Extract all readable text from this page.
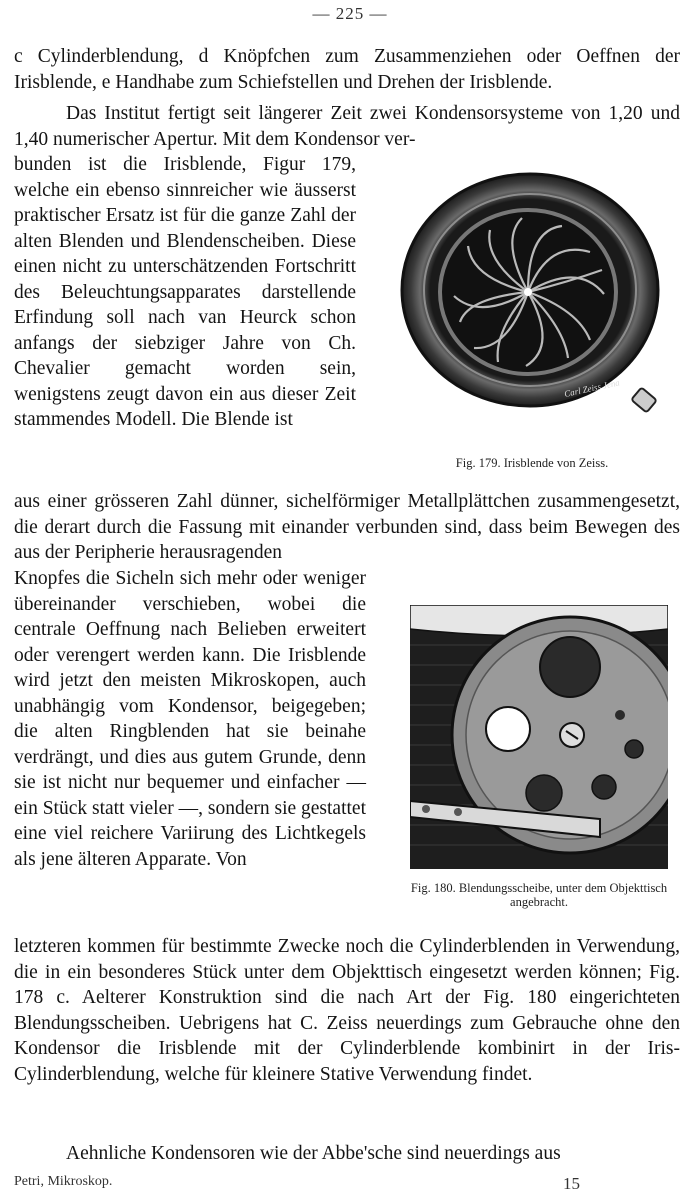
— 225 —

c Cylinderblendung, d Knöpfchen zum Zusammenziehen oder Oeffnen der Irisblende, e Handhabe zum Schiefstellen und Drehen der Irisblende.

Das Institut fertigt seit längerer Zeit zwei Kondensorsysteme von 1,20 und 1,40 numerischer Apertur. Mit dem Kondensor ver-

bunden ist die Irisblende, Figur 179, welche ein ebenso sinnreicher wie äusserst praktischer Ersatz ist für die ganze Zahl der alten Blenden und Blendenscheiben. Diese einen nicht zu unterschätzenden Fortschritt des Beleuchtungsapparates darstellende Erfindung soll nach van Heurck schon anfangs der siebziger Jahre von Ch. Chevalier gemacht worden sein, wenigstens zeugt davon ein aus dieser Zeit stammendes Modell. Die Blende ist

Carl Zeiss Jena
Fig. 179. Irisblende von Zeiss.

aus einer grösseren Zahl dünner, sichelförmiger Metallplättchen zusammengesetzt, die derart durch die Fassung mit einander verbunden sind, dass beim Bewegen des aus der Peripherie herausragenden

Knopfes die Sicheln sich mehr oder weniger übereinander verschieben, wobei die centrale Oeffnung nach Belieben erweitert oder verengert werden kann. Die Irisblende wird jetzt den meisten Mikroskopen, auch unabhängig vom Kondensor, beigegeben; die alten Ringblenden hat sie beinahe verdrängt, und dies aus gutem Grunde, denn sie ist nicht nur bequemer und einfacher — ein Stück statt vieler —, sondern sie gestattet eine viel reichere Variirung des Lichtkegels als jene älteren Apparate. Von

Fig. 180. Blendungsscheibe, unter dem Objekttisch angebracht.

letzteren kommen für bestimmte Zwecke noch die Cylinderblenden in Verwendung, die in ein besonderes Stück unter dem Objekttisch eingesetzt werden können; Fig. 178 c. Aelterer Konstruktion sind die nach Art der Fig. 180 eingerichteten Blendungsscheiben. Uebrigens hat C. Zeiss neuerdings zum Gebrauche ohne den Kondensor die Irisblende mit der Cylinderblende kombinirt in der Iris-Cylinderblendung, welche für kleinere Stative Verwendung findet.

Aehnliche Kondensoren wie der Abbe'sche sind neuerdings aus

Petri, Mikroskop.	15
